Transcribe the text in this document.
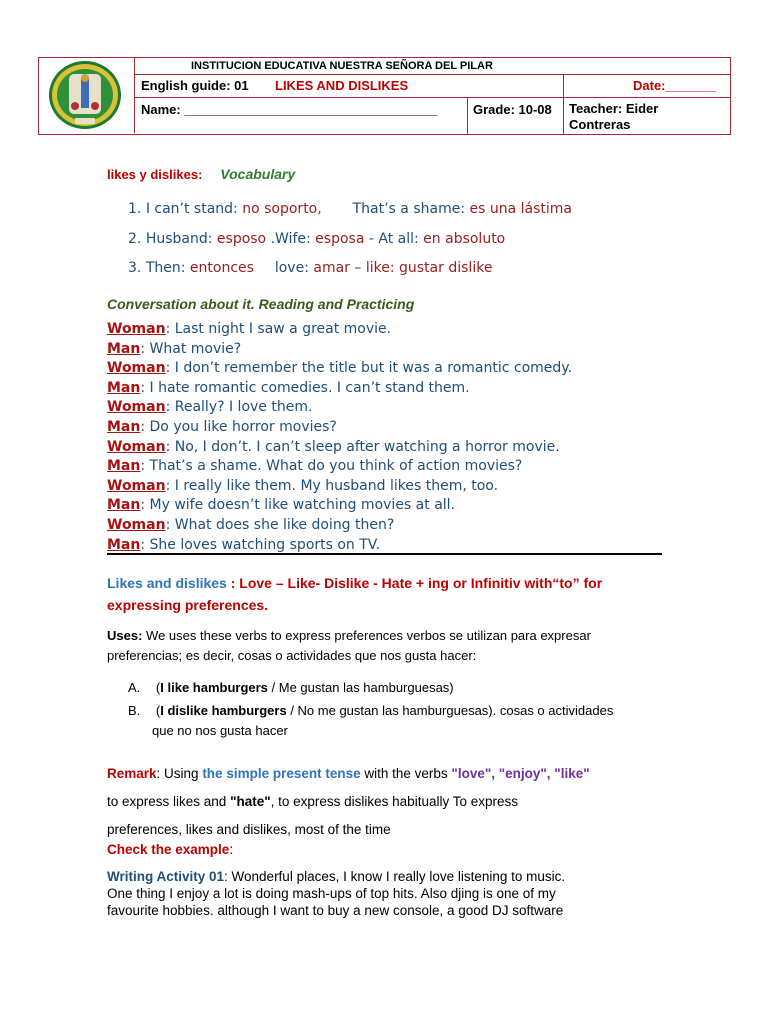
INSTITUCION EDUCATIVA NUESTRA SEÑORA DEL PILAR
English guide: 01 LIKES AND DISLIKES	Date:_______
Name: ___________________________________	Grade: 10-08 Teacher: Eider Contreras
likes y dislikes: Vocabulary
1. I can’t stand: no soporto, That’s a shame: es una lástima
2. Husband: esposo .Wife: esposa - At all: en absoluto
3. Then: entonces love: amar – like: gustar dislike
Conversation about it. Reading and Practicing
Woman: Last night I saw a great movie.
Man: What movie?
Woman: I don’t remember the title but it was a romantic comedy.
Man: I hate romantic comedies. I can’t stand them.
Woman: Really? I love them.
Man: Do you like horror movies?
Woman: No, I don’t. I can’t sleep after watching a horror movie.
Man: That’s a shame. What do you think of action movies?
Woman: I really like them. My husband likes them, too.
Man: My wife doesn’t like watching movies at all.
Woman: What does she like doing then?
Man: She loves watching sports on TV.
Likes and dislikes : Love – Like- Dislike - Hate + ing or Infinitiv with“to” for
expressing preferences.
Uses: We uses these verbs to express preferences verbos se utilizan para expresar
preferencias; es decir, cosas o actividades que nos gusta hacer:
A. (I like hamburgers / Me gustan las hamburguesas)
B. (I dislike hamburgers / No me gustan las hamburguesas). cosas o actividades
que no nos gusta hacer
Remark: Using the simple present tense with the verbs "love", "enjoy", "like"
to express likes and "hate", to express dislikes habitually To express
preferences, likes and dislikes, most of the time
Check the example:
Writing Activity 01: Wonderful places, I know I really love listening to music.
One thing I enjoy a lot is doing mash-ups of top hits. Also djing is one of my
favourite hobbies. although I want to buy a new console, a good DJ software
